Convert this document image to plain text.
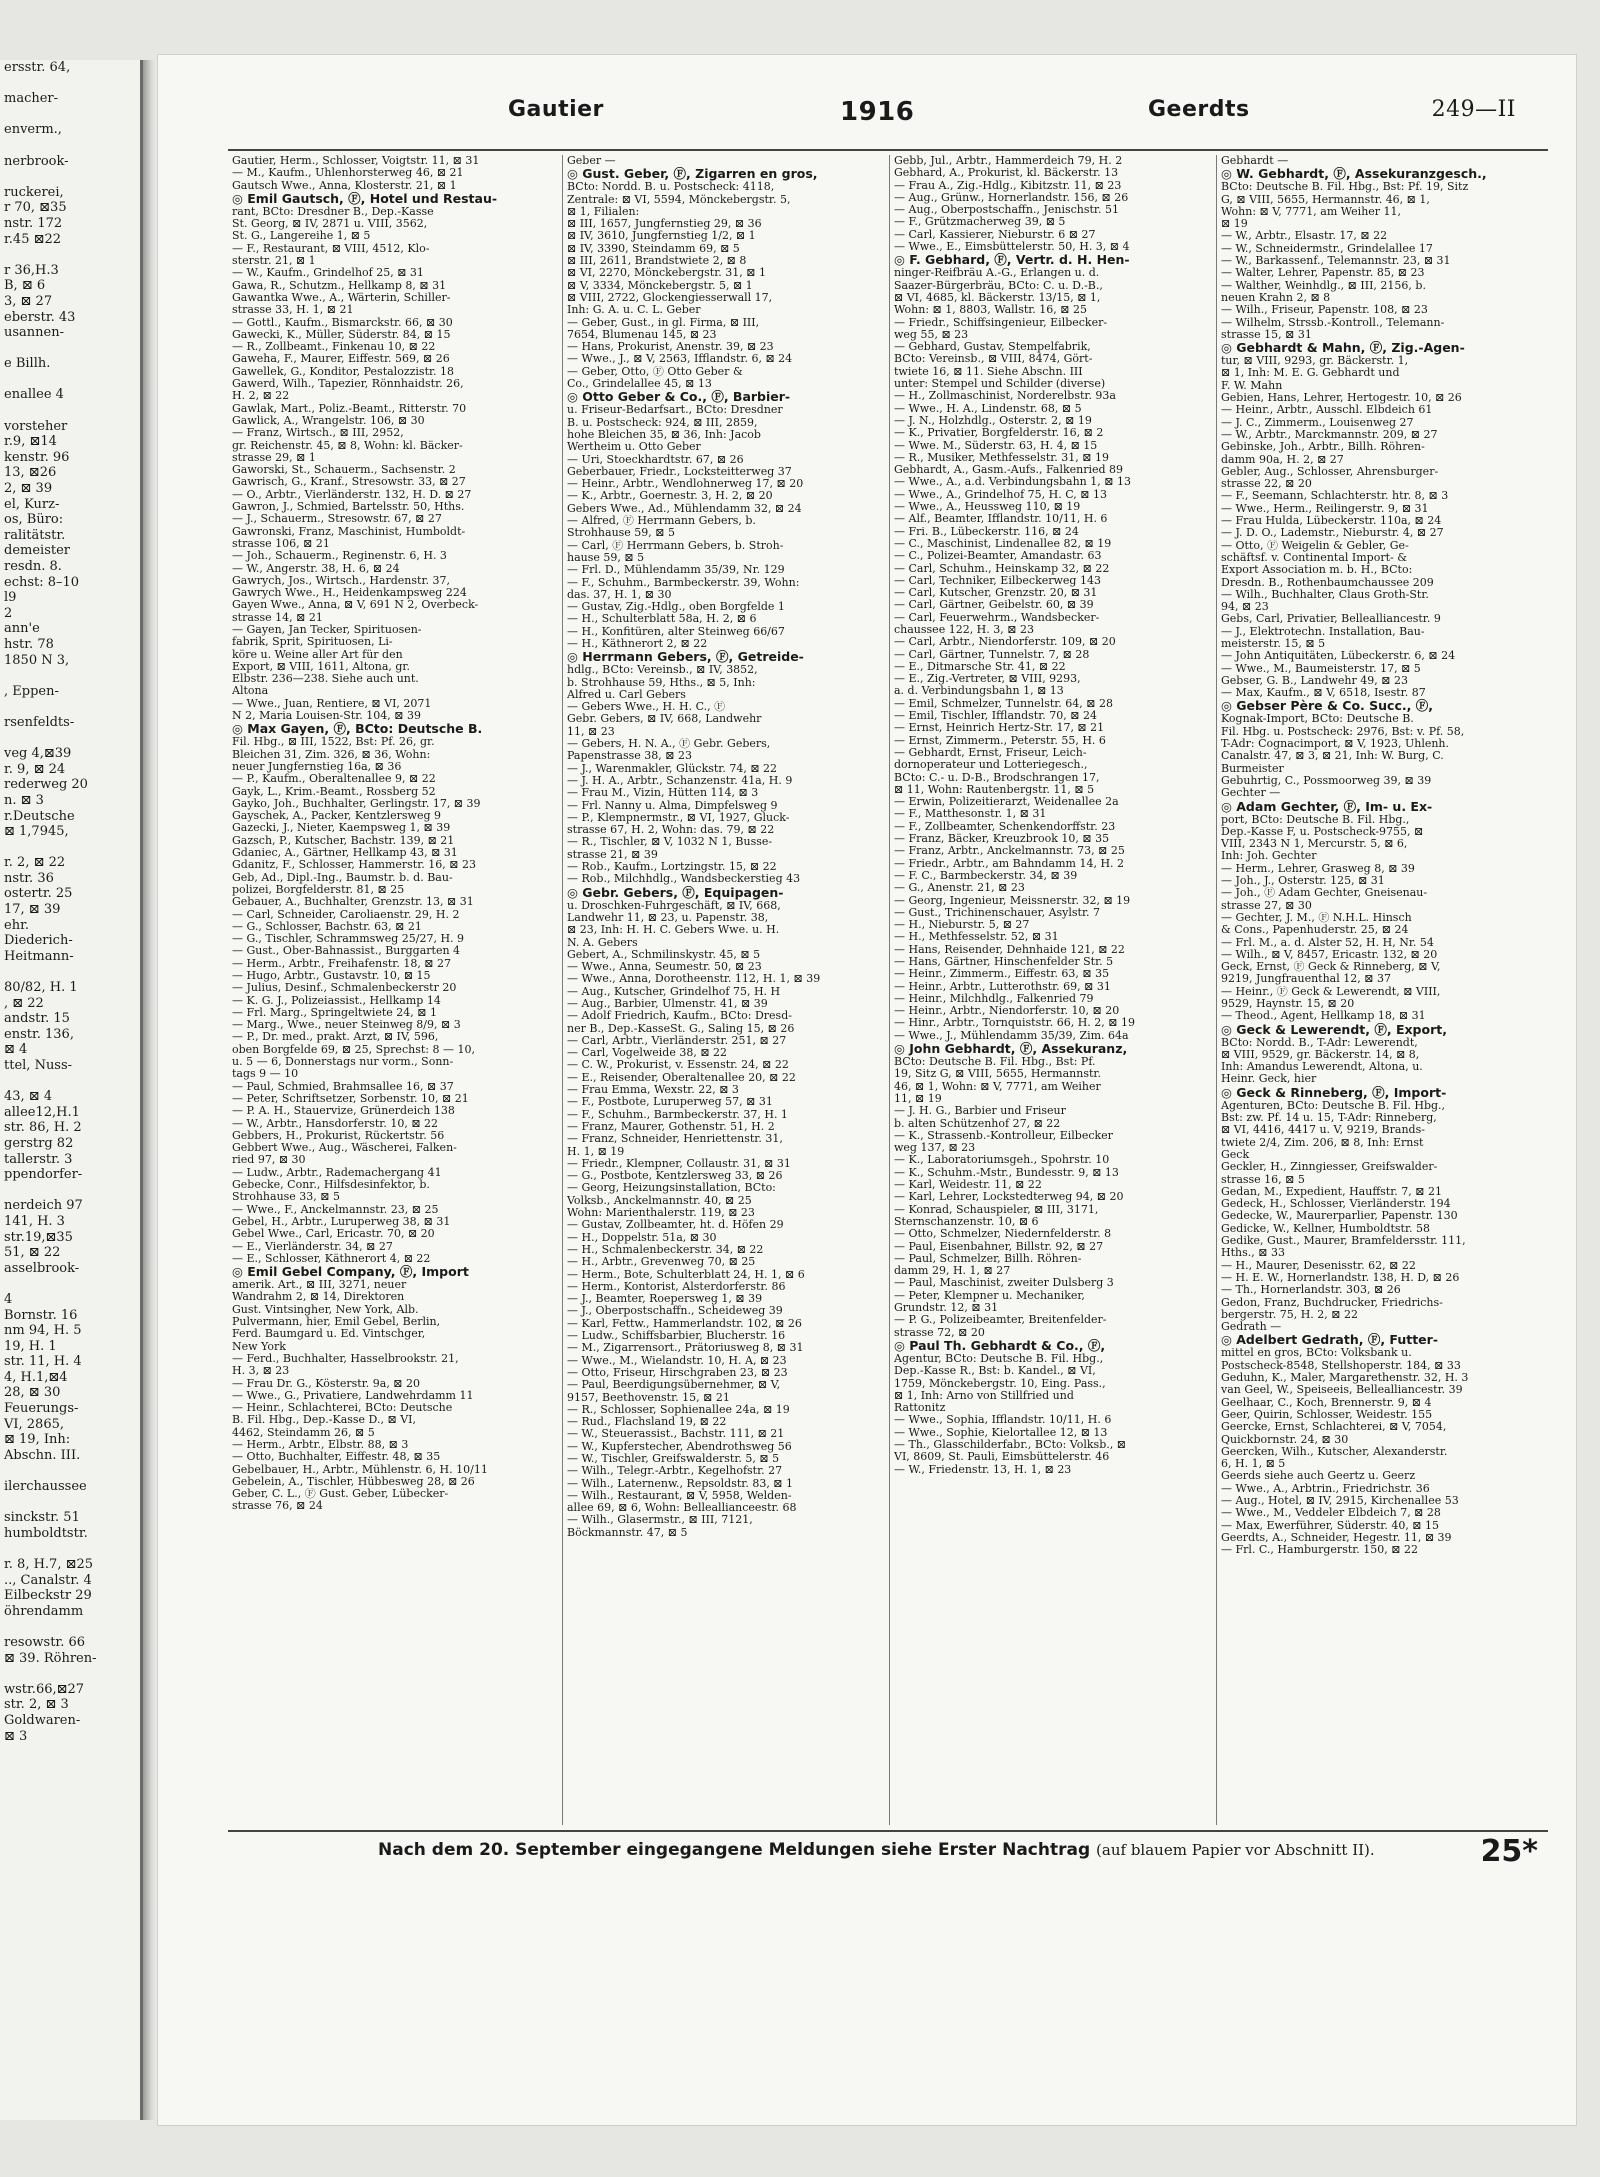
ersstr. 64,

macher-

enverm.,

nerbrook-

ruckerei,
r 70, ⊠35
nstr. 172
r.45 ⊠22

r 36,H.3
B, ⊠ 6
3, ⊠ 27
eberstr. 43
usannen-

e Billh.

enallee 4

vorsteher
r.9, ⊠14
kenstr. 96
13, ⊠26
2, ⊠ 39
el, Kurz-
os, Büro:
ralitätstr.
demeister
resdn. 8.
echst: 8–10
l9
2
ann'e
hstr. 78
1850 N 3,

, Eppen-

rsenfeldts-

veg 4,⊠39
r. 9, ⊠ 24
rederweg 20
n. ⊠ 3
r.Deutsche
⊠ 1,7945,

r. 2, ⊠ 22
nstr. 36
ostertr. 25
17, ⊠ 39
ehr.
Diederich-
Heitmann-

80/82, H. 1
, ⊠ 22
andstr. 15
enstr. 136,
⊠ 4
ttel, Nuss-

43, ⊠ 4
allee12,H.1
str. 86, H. 2
gerstrg 82
tallerstr. 3
ppendorfer-

nerdeich 97
141, H. 3
str.19,⊠35
51, ⊠ 22
asselbrook-

4
Bornstr. 16
nm 94, H. 5
19, H. 1
str. 11, H. 4
4, H.1,⊠4
28, ⊠ 30
Feuerungs-
VI, 2865,
⊠ 19, Inh:
Abschn. III.

ilerchaussee

sinckstr. 51
humboldtstr.

r. 8, H.7, ⊠25
.., Canalstr. 4
Eilbeckstr 29
öhrendamm

resowstr. 66
⊠ 39. Röhren-

wstr.66,⊠27
str. 2, ⊠ 3
Goldwaren-
⊠ 3
Gautier	1916	Geerdts	249—II
Gautier, Herm., Schlosser, Voigtstr. 11, ⊠ 31
— M., Kaufm., Uhlenhorsterweg 46, ⊠ 21
Gautsch Wwe., Anna, Klosterstr. 21, ⊠ 1
◎ Emil Gautsch, Ⓕ, Hotel und Restau-
rant, BCto: Dresdner B., Dep.-Kasse
St. Georg, ⊠ IV, 2871 u. VIII, 3562,
St. G., Langereihe 1, ⊠ 5
— F., Restaurant, ⊠ VIII, 4512, Klo-
sterstr. 21, ⊠ 1
— W., Kaufm., Grindelhof 25, ⊠ 31
Gawa, R., Schutzm., Hellkamp 8, ⊠ 31
Gawantka Wwe., A., Wärterin, Schiller-
strasse 33, H. 1, ⊠ 21
— Gottl., Kaufm., Bismarckstr. 66, ⊠ 30
Gawecki, K., Müller, Süderstr. 84, ⊠ 15
— R., Zollbeamt., Finkenau 10, ⊠ 22
Gaweha, F., Maurer, Eiffestr. 569, ⊠ 26
Gawellek, G., Konditor, Pestalozzistr. 18
Gawerd, Wilh., Tapezier, Rönnhaidstr. 26,
H. 2, ⊠ 22
Gawlak, Mart., Poliz.-Beamt., Ritterstr. 70
Gawlick, A., Wrangelstr. 106, ⊠ 30
— Franz, Wirtsch., ⊠ III, 2952,
gr. Reichenstr. 45, ⊠ 8, Wohn: kl. Bäcker-
strasse 29, ⊠ 1
Gaworski, St., Schauerm., Sachsenstr. 2
Gawrisch, G., Kranf., Stresowstr. 33, ⊠ 27
— O., Arbtr., Vierländerstr. 132, H. D. ⊠ 27
Gawron, J., Schmied, Bartelsstr. 50, Hths.
— J., Schauerm., Stresowstr. 67, ⊠ 27
Gawronski, Franz, Maschinist, Humboldt-
strasse 106, ⊠ 21
— Joh., Schauerm., Reginenstr. 6, H. 3
— W., Angerstr. 38, H. 6, ⊠ 24
Gawrych, Jos., Wirtsch., Hardenstr. 37,
Gawrych Wwe., H., Heidenkampsweg 224
Gayen Wwe., Anna, ⊠ V, 691 N 2, Overbeck-
strasse 14, ⊠ 21
— Gayen, Jan Tecker, Spirituosen-
fabrik, Sprit, Spirituosen, Li-
köre u. Weine aller Art für den
Export, ⊠ VIII, 1611, Altona, gr.
Elbstr. 236—238. Siehe auch unt.
Altona
— Wwe., Juan, Rentiere, ⊠ VI, 2071
N 2, Maria Louisen-Str. 104, ⊠ 39
◎ Max Gayen, Ⓕ, BCto: Deutsche B.
Fil. Hbg., ⊠ III, 1522, Bst: Pf. 26, gr.
Bleichen 31, Zim. 326, ⊠ 36, Wohn:
neuer Jungfernstieg 16a, ⊠ 36
— P., Kaufm., Oberaltenallee 9, ⊠ 22
Gayk, L., Krim.-Beamt., Rossberg 52
Gayko, Joh., Buchhalter, Gerlingstr. 17, ⊠ 39
Gayschek, A., Packer, Kentzlersweg 9
Gazecki, J., Nieter, Kaempsweg 1, ⊠ 39
Gazsch, P., Kutscher, Bachstr. 139, ⊠ 21
Gdaniec, A., Gärtner, Hellkamp 43, ⊠ 31
Gdanitz, F., Schlosser, Hammerstr. 16, ⊠ 23
Geb, Ad., Dipl.-Ing., Baumstr. b. d. Bau-
polizei, Borgfelderstr. 81, ⊠ 25
Gebauer, A., Buchhalter, Grenzstr. 13, ⊠ 31
— Carl, Schneider, Caroliaenstr. 29, H. 2
— G., Schlosser, Bachstr. 63, ⊠ 21
— G., Tischler, Schrammsweg 25/27, H. 9
— Gust., Ober-Bahnassist., Burggarten 4
— Herm., Arbtr., Freihafenstr. 18, ⊠ 27
— Hugo, Arbtr., Gustavstr. 10, ⊠ 15
— Julius, Desinf., Schmalenbeckerstr 20
— K. G. J., Polizeiassist., Hellkamp 14
— Frl. Marg., Springeltwiete 24, ⊠ 1
— Marg., Wwe., neuer Steinweg 8/9, ⊠ 3
— P., Dr. med., prakt. Arzt, ⊠ IV, 596,
oben Borgfelde 69, ⊠ 25, Sprechst: 8 — 10,
u. 5 — 6, Donnerstags nur vorm., Sonn-
tags 9 — 10
— Paul, Schmied, Brahmsallee 16, ⊠ 37
— Peter, Schriftsetzer, Sorbenstr. 10, ⊠ 21
— P. A. H., Stauervize, Grünerdeich 138
— W., Arbtr., Hansdorferstr. 10, ⊠ 22
Gebbers, H., Prokurist, Rückertstr. 56
Gebbert Wwe., Aug., Wäscherei, Falken-
ried 97, ⊠ 30
— Ludw., Arbtr., Rademachergang 41
Gebecke, Conr., Hilfsdesinfektor, b.
Strohhause 33, ⊠ 5
— Wwe., F., Anckelmannstr. 23, ⊠ 25
Gebel, H., Arbtr., Luruperweg 38, ⊠ 31
Gebel Wwe., Carl, Ericastr. 70, ⊠ 20
— E., Vierländerstr. 34, ⊠ 27
— E., Schlosser, Käthnerort 4, ⊠ 22
◎ Emil Gebel Company, Ⓕ, Import
amerik. Art., ⊠ III, 3271, neuer
Wandrahm 2, ⊠ 14, Direktoren
Gust. Vintsingher, New York, Alb.
Pulvermann, hier, Emil Gebel, Berlin,
Ferd. Baumgard u. Ed. Vintschger,
New York
— Ferd., Buchhalter, Hasselbrookstr. 21,
H. 3, ⊠ 23
— Frau Dr. G., Kösterstr. 9a, ⊠ 20
— Wwe., G., Privatiere, Landwehrdamm 11
— Heinr., Schlachterei, BCto: Deutsche
B. Fil. Hbg., Dep.-Kasse D., ⊠ VI,
4462, Steindamm 26, ⊠ 5
— Herm., Arbtr., Elbstr. 88, ⊠ 3
— Otto, Buchhalter, Eiffestr. 48, ⊠ 35
Gebelbauer, H., Arbtr., Mühlenstr. 6, H. 10/11
Gebelein, A., Tischler, Hübbesweg 28, ⊠ 26
Geber, C. L., Ⓕ Gust. Geber, Lübecker-
strasse 76, ⊠ 24
Geber —
◎ Gust. Geber, Ⓕ, Zigarren en gros,
BCto: Nordd. B. u. Postscheck: 4118,
Zentrale: ⊠ VI, 5594, Mönckebergstr. 5,
⊠ 1, Filialen:
⊠ III, 1657, Jungfernstieg 29, ⊠ 36
⊠ IV, 3610, Jungfernstieg 1/2, ⊠ 1
⊠ IV, 3390, Steindamm 69, ⊠ 5
⊠ III, 2611, Brandstwiete 2, ⊠ 8
⊠ VI, 2270, Mönckebergstr. 31, ⊠ 1
⊠ V, 3334, Mönckebergstr. 5, ⊠ 1
⊠ VIII, 2722, Glockengiesserwall 17,
Inh: G. A. u. C. L. Geber
— Geber, Gust., in gl. Firma, ⊠ III,
7654, Blumenau 145, ⊠ 23
— Hans, Prokurist, Anenstr. 39, ⊠ 23
— Wwe., J., ⊠ V, 2563, Ifflandstr. 6, ⊠ 24
— Geber, Otto, Ⓕ Otto Geber &
Co., Grindelallee 45, ⊠ 13
◎ Otto Geber & Co., Ⓕ, Barbier-
u. Friseur-Bedarfsart., BCto: Dresdner
B. u. Postscheck: 924, ⊠ III, 2859,
hohe Bleichen 35, ⊠ 36, Inh: Jacob
Wertheim u. Otto Geber
— Uri, Stoeckhardtstr. 67, ⊠ 26
Geberbauer, Friedr., Locksteitterweg 37
— Heinr., Arbtr., Wendlohnerweg 17, ⊠ 20
— K., Arbtr., Goernestr. 3, H. 2, ⊠ 20
Gebers Wwe., Ad., Mühlendamm 32, ⊠ 24
— Alfred, Ⓕ Herrmann Gebers, b.
Strohhause 59, ⊠ 5
— Carl, Ⓕ Herrmann Gebers, b. Stroh-
hause 59, ⊠ 5
— Frl. D., Mühlendamm 35/39, Nr. 129
— F., Schuhm., Barmbeckerstr. 39, Wohn:
das. 37, H. 1, ⊠ 30
— Gustav, Zig.-Hdlg., oben Borgfelde 1
— H., Schulterblatt 58a, H. 2, ⊠ 6
— H., Konfitüren, alter Steinweg 66/67
— H., Käthnerort 2, ⊠ 22
◎ Herrmann Gebers, Ⓕ, Getreide-
hdlg., BCto: Vereinsb., ⊠ IV, 3852,
b. Strohhause 59, Hths., ⊠ 5, Inh:
Alfred u. Carl Gebers
— Gebers Wwe., H. H. C., Ⓕ
Gebr. Gebers, ⊠ IV, 668, Landwehr
11, ⊠ 23
— Gebers, H. N. A., Ⓕ Gebr. Gebers,
Papenstrasse 38, ⊠ 23
— J., Warenmakler, Glückstr. 74, ⊠ 22
— J. H. A., Arbtr., Schanzenstr. 41a, H. 9
— Frau M., Vizin, Hütten 114, ⊠ 3
— Frl. Nanny u. Alma, Dimpfelsweg 9
— P., Klempnermstr., ⊠ VI, 1927, Gluck-
strasse 67, H. 2, Wohn: das. 79, ⊠ 22
— R., Tischler, ⊠ V, 1032 N 1, Busse-
strasse 21, ⊠ 39
— Rob., Kaufm., Lortzingstr. 15, ⊠ 22
— Rob., Milchhdlg., Wandsbeckerstieg 43
◎ Gebr. Gebers, Ⓕ, Equipagen-
u. Droschken-Fuhrgeschäft, ⊠ IV, 668,
Landwehr 11, ⊠ 23, u. Papenstr. 38,
⊠ 23, Inh: H. H. C. Gebers Wwe. u. H.
N. A. Gebers
Gebert, A., Schmilinskystr. 45, ⊠ 5
— Wwe., Anna, Seumestr. 50, ⊠ 23
— Wwe., Anna, Dorotheenstr. 112, H. 1, ⊠ 39
— Aug., Kutscher, Grindelhof 75, H. H
— Aug., Barbier, Ulmenstr. 41, ⊠ 39
— Adolf Friedrich, Kaufm., BCto: Dresd-
ner B., Dep.-KasseSt. G., Saling 15, ⊠ 26
— Carl, Arbtr., Vierländerstr. 251, ⊠ 27
— Carl, Vogelweide 38, ⊠ 22
— C. W., Prokurist, v. Essenstr. 24, ⊠ 22
— E., Reisender, Oberaltenallee 20, ⊠ 22
— Frau Emma, Wexstr. 22, ⊠ 3
— F., Postbote, Luruperweg 57, ⊠ 31
— F., Schuhm., Barmbeckerstr. 37, H. 1
— Franz, Maurer, Gothenstr. 51, H. 2
— Franz, Schneider, Henriettenstr. 31,
H. 1, ⊠ 19
— Friedr., Klempner, Collaustr. 31, ⊠ 31
— G., Postbote, Kentzlersweg 33, ⊠ 26
— Georg, Heizungsinstallation, BCto:
Volksb., Anckelmannstr. 40, ⊠ 25
Wohn: Marienthalerstr. 119, ⊠ 23
— Gustav, Zollbeamter, ht. d. Höfen 29
— H., Doppelstr. 51a, ⊠ 30
— H., Schmalenbeckerstr. 34, ⊠ 22
— H., Arbtr., Grevenweg 70, ⊠ 25
— Herm., Bote, Schulterblatt 24, H. 1, ⊠ 6
— Herm., Kontorist, Alsterdorferstr. 86
— J., Beamter, Roepersweg 1, ⊠ 39
— J., Oberpostschaffn., Scheideweg 39
— Karl, Fettw., Hammerlandstr. 102, ⊠ 26
— Ludw., Schiffsbarbier, Blucherstr. 16
— M., Zigarrensort., Prätoriusweg 8, ⊠ 31
— Wwe., M., Wielandstr. 10, H. A, ⊠ 23
— Otto, Friseur, Hirschgraben 23, ⊠ 23
— Paul, Beerdigungsübernehmer, ⊠ V,
9157, Beethovenstr. 15, ⊠ 21
— R., Schlosser, Sophienallee 24a, ⊠ 19
— Rud., Flachsland 19, ⊠ 22
— W., Steuerassist., Bachstr. 111, ⊠ 21
— W., Kupferstecher, Abendrothsweg 56
— W., Tischler, Greifswalderstr. 5, ⊠ 5
— Wilh., Telegr.-Arbtr., Kegelhofstr. 27
— Wilh., Laternenw., Repsoldstr. 83, ⊠ 1
— Wilh., Restaurant, ⊠ V, 5958, Welden-
allee 69, ⊠ 6, Wohn: Belleallianceestr. 68
— Wilh., Glasermstr., ⊠ III, 7121,
Böckmannstr. 47, ⊠ 5
Gebb, Jul., Arbtr., Hammerdeich 79, H. 2
Gebhard, A., Prokurist, kl. Bäckerstr. 13
— Frau A., Zig.-Hdlg., Kibitzstr. 11, ⊠ 23
— Aug., Grünw., Hornerlandstr. 156, ⊠ 26
— Aug., Oberpostschaffn., Jenischstr. 51
— F., Grützmacherweg 39, ⊠ 5
— Carl, Kassierer, Nieburstr. 6 ⊠ 27
— Wwe., E., Eimsbüttelerstr. 50, H. 3, ⊠ 4
◎ F. Gebhard, Ⓕ, Vertr. d. H. Hen-
ninger-Reifbräu A.-G., Erlangen u. d.
Saazer-Bürgerbräu, BCto: C. u. D.-B.,
⊠ VI, 4685, kl. Bäckerstr. 13/15, ⊠ 1,
Wohn: ⊠ 1, 8803, Wallstr. 16, ⊠ 25
— Friedr., Schiffsingenieur, Eilbecker-
weg 55, ⊠ 23
— Gebhard, Gustav, Stempelfabrik,
BCto: Vereinsb., ⊠ VIII, 8474, Gört-
twiete 16, ⊠ 11. Siehe Abschn. III
unter: Stempel und Schilder (diverse)
— H., Zollmaschinist, Norderelbstr. 93a
— Wwe., H. A., Lindenstr. 68, ⊠ 5
— J. N., Holzhdlg., Osterstr. 2, ⊠ 19
— K., Privatier, Borgfelderstr. 16, ⊠ 2
— Wwe. M., Süderstr. 63, H. 4, ⊠ 15
— R., Musiker, Methfesselstr. 31, ⊠ 19
Gebhardt, A., Gasm.-Aufs., Falkenried 89
— Wwe., A., a.d. Verbindungsbahn 1, ⊠ 13
— Wwe., A., Grindelhof 75, H. C, ⊠ 13
— Wwe., A., Heussweg 110, ⊠ 19
— Alf., Beamter, Ifflandstr. 10/11, H. 6
— Fri. B., Lübeckerstr. 116, ⊠ 24
— C., Maschinist, Lindenallee 82, ⊠ 19
— C., Polizei-Beamter, Amandastr. 63
— Carl, Schuhm., Heinskamp 32, ⊠ 22
— Carl, Techniker, Eilbeckerweg 143
— Carl, Kutscher, Grenzstr. 20, ⊠ 31
— Carl, Gärtner, Geibelstr. 60, ⊠ 39
— Carl, Feuerwehrm., Wandsbecker-
chaussee 122, H. 3, ⊠ 23
— Carl, Arbtr., Niendorferstr. 109, ⊠ 20
— Carl, Gärtner, Tunnelstr. 7, ⊠ 28
— E., Ditmarsche Str. 41, ⊠ 22
— E., Zig.-Vertreter, ⊠ VIII, 9293,
a. d. Verbindungsbahn 1, ⊠ 13
— Emil, Schmelzer, Tunnelstr. 64, ⊠ 28
— Emil, Tischler, Ifflandstr. 70, ⊠ 24
— Ernst, Heinrich Hertz-Str. 17, ⊠ 21
— Ernst, Zimmerm., Peterstr. 55, H. 6
— Gebhardt, Ernst, Friseur, Leich-
dornoperateur und Lotteriegesch.,
BCto: C.- u. D-B., Brodschrangen 17,
⊠ 11, Wohn: Rautenbergstr. 11, ⊠ 5
— Erwin, Polizeitierarzt, Weidenallee 2a
— F., Matthesonstr. 1, ⊠ 31
— F., Zollbeamter, Schenkendorffstr. 23
— Franz, Bäcker, Kreuzbrook 10, ⊠ 35
— Franz, Arbtr., Anckelmannstr. 73, ⊠ 25
— Friedr., Arbtr., am Bahndamm 14, H. 2
— F. C., Barmbeckerstr. 34, ⊠ 39
— G., Anenstr. 21, ⊠ 23
— Georg, Ingenieur, Meissnerstr. 32, ⊠ 19
— Gust., Trichinenschauer, Asylstr. 7
— H., Nieburstr. 5, ⊠ 27
— H., Methfesselstr. 52, ⊠ 31
— Hans, Reisender, Dehnhaide 121, ⊠ 22
— Hans, Gärtner, Hinschenfelder Str. 5
— Heinr., Zimmerm., Eiffestr. 63, ⊠ 35
— Heinr., Arbtr., Lutterothstr. 69, ⊠ 31
— Heinr., Milchhdlg., Falkenried 79
— Heinr., Arbtr., Niendorferstr. 10, ⊠ 20
— Hinr., Arbtr., Tornquiststr. 66, H. 2, ⊠ 19
— Wwe., J., Mühlendamm 35/39, Zim. 64a
◎ John Gebhardt, Ⓕ, Assekuranz,
BCto: Deutsche B. Fil. Hbg., Bst: Pf.
19, Sitz G, ⊠ VIII, 5655, Hermannstr.
46, ⊠ 1, Wohn: ⊠ V, 7771, am Weiher
11, ⊠ 19
— J. H. G., Barbier und Friseur
b. alten Schützenhof 27, ⊠ 22
— K., Strassenb.-Kontrolleur, Eilbecker
weg 137, ⊠ 23
— K., Laboratoriumsgeh., Spohrstr. 10
— K., Schuhm.-Mstr., Bundesstr. 9, ⊠ 13
— Karl, Weidestr. 11, ⊠ 22
— Karl, Lehrer, Lockstedterweg 94, ⊠ 20
— Konrad, Schauspieler, ⊠ III, 3171,
Sternschanzenstr. 10, ⊠ 6
— Otto, Schmelzer, Niedernfelderstr. 8
— Paul, Eisenbahner, Billstr. 92, ⊠ 27
— Paul, Schmelzer, Billh. Röhren-
damm 29, H. 1, ⊠ 27
— Paul, Maschinist, zweiter Dulsberg 3
— Peter, Klempner u. Mechaniker,
Grundstr. 12, ⊠ 31
— P. G., Polizeibeamter, Breitenfelder-
strasse 72, ⊠ 20
◎ Paul Th. Gebhardt & Co., Ⓕ,
Agentur, BCto: Deutsche B. Fil. Hbg.,
Dep.-Kasse R., Bst: b. Kandel., ⊠ VI,
1759, Mönckebergstr. 10, Eing. Pass.,
⊠ 1, Inh: Arno von Stillfried und
Rattonitz
— Wwe., Sophia, Ifflandstr. 10/11, H. 6
— Wwe., Sophie, Kielortallee 12, ⊠ 13
— Th., Glasschilderfabr., BCto: Volksb., ⊠
VI, 8609, St. Pauli, Eimsbüttelerstr. 46
— W., Friedenstr. 13, H. 1, ⊠ 23
Gebhardt —
◎ W. Gebhardt, Ⓕ, Assekuranzgesch.,
BCto: Deutsche B. Fil. Hbg., Bst: Pf. 19, Sitz
G, ⊠ VIII, 5655, Hermannstr. 46, ⊠ 1,
Wohn: ⊠ V, 7771, am Weiher 11,
⊠ 19
— W., Arbtr., Elsastr. 17, ⊠ 22
— W., Schneidermstr., Grindelallee 17
— W., Barkassenf., Telemannstr. 23, ⊠ 31
— Walter, Lehrer, Papenstr. 85, ⊠ 23
— Walther, Weinhdlg., ⊠ III, 2156, b.
neuen Krahn 2, ⊠ 8
— Wilh., Friseur, Papenstr. 108, ⊠ 23
— Wilhelm, Strssb.-Kontroll., Telemann-
strasse 15, ⊠ 31
◎ Gebhardt & Mahn, Ⓕ, Zig.-Agen-
tur, ⊠ VIII, 9293, gr. Bäckerstr. 1,
⊠ 1, Inh: M. E. G. Gebhardt und
F. W. Mahn
Gebien, Hans, Lehrer, Hertogestr. 10, ⊠ 26
— Heinr., Arbtr., Ausschl. Elbdeich 61
— J. C., Zimmerm., Louisenweg 27
— W., Arbtr., Marckmannstr. 209, ⊠ 27
Gebinske, Joh., Arbtr., Billh. Röhren-
damm 90a, H. 2, ⊠ 27
Gebler, Aug., Schlosser, Ahrensburger-
strasse 22, ⊠ 20
— F., Seemann, Schlachterstr. htr. 8, ⊠ 3
— Wwe., Herm., Reilingerstr. 9, ⊠ 31
— Frau Hulda, Lübeckerstr. 110a, ⊠ 24
— J. D. O., Lademstr., Nieburstr. 4, ⊠ 27
— Otto, Ⓕ Weigelin & Gebler, Ge-
schäftsf. v. Continental Import- &
Export Association m. b. H., BCto:
Dresdn. B., Rothenbaumchaussee 209
— Wilh., Buchhalter, Claus Groth-Str.
94, ⊠ 23
Gebs, Carl, Privatier, Bellealliancestr. 9
— J., Elektrotechn. Installation, Bau-
meisterstr. 15, ⊠ 5
— John Antiquitäten, Lübeckerstr. 6, ⊠ 24
— Wwe., M., Baumeisterstr. 17, ⊠ 5
Gebser, G. B., Landwehr 49, ⊠ 23
— Max, Kaufm., ⊠ V, 6518, Isestr. 87
◎ Gebser Père & Co. Succ., Ⓕ,
Kognak-Import, BCto: Deutsche B.
Fil. Hbg. u. Postscheck: 2976, Bst: v. Pf. 58,
T-Adr: Cognacimport, ⊠ V, 1923, Uhlenh.
Canalstr. 47, ⊠ 3, ⊠ 21, Inh: W. Burg, C.
Burmeister
Gebuhrtig, C., Possmoorweg 39, ⊠ 39
Gechter —
◎ Adam Gechter, Ⓕ, Im- u. Ex-
port, BCto: Deutsche B. Fil. Hbg.,
Dep.-Kasse F, u. Postscheck-9755, ⊠
VIII, 2343 N 1, Mercurstr. 5, ⊠ 6,
Inh: Joh. Gechter
— Herm., Lehrer, Grasweg 8, ⊠ 39
— Joh., J., Osterstr. 125, ⊠ 31
— Joh., Ⓕ Adam Gechter, Gneisenau-
strasse 27, ⊠ 30
— Gechter, J. M., Ⓕ N.H.L. Hinsch
& Cons., Papenhuderstr. 25, ⊠ 24
— Frl. M., a. d. Alster 52, H. H, Nr. 54
— Wilh., ⊠ V, 8457, Ericastr. 132, ⊠ 20
Geck, Ernst, Ⓕ Geck & Rinneberg, ⊠ V,
9219, Jungfrauenthal 12, ⊠ 37
— Heinr., Ⓕ Geck & Lewerendt, ⊠ VIII,
9529, Haynstr. 15, ⊠ 20
— Theod., Agent, Hellkamp 18, ⊠ 31
◎ Geck & Lewerendt, Ⓕ, Export,
BCto: Nordd. B., T-Adr: Lewerendt,
⊠ VIII, 9529, gr. Bäckerstr. 14, ⊠ 8,
Inh: Amandus Lewerendt, Altona, u.
Heinr. Geck, hier
◎ Geck & Rinneberg, Ⓕ, Import-
Agenturen, BCto: Deutsche B. Fil. Hbg.,
Bst: zw. Pf. 14 u. 15, T-Adr: Rinneberg,
⊠ VI, 4416, 4417 u. V, 9219, Brands-
twiete 2/4, Zim. 206, ⊠ 8, Inh: Ernst
Geck
Geckler, H., Zinngiesser, Greifswalder-
strasse 16, ⊠ 5
Gedan, M., Expedient, Hauffstr. 7, ⊠ 21
Gedeck, H., Schlosser, Vierländerstr. 194
Gedecke, W., Maurerparlier, Papenstr. 130
Gedicke, W., Kellner, Humboldtstr. 58
Gedike, Gust., Maurer, Bramfeldersstr. 111,
Hths., ⊠ 33
— H., Maurer, Desenisstr. 62, ⊠ 22
— H. E. W., Hornerlandstr. 138, H. D, ⊠ 26
— Th., Hornerlandstr. 303, ⊠ 26
Gedon, Franz, Buchdrucker, Friedrichs-
bergerstr. 75, H. 2, ⊠ 22
Gedrath —
◎ Adelbert Gedrath, Ⓕ, Futter-
mittel en gros, BCto: Volksbank u.
Postscheck-8548, Stellshoperstr. 184, ⊠ 33
Geduhn, K., Maler, Margarethenstr. 32, H. 3
van Geel, W., Speiseeis, Bellealliancestr. 39
Geelhaar, C., Koch, Brennerstr. 9, ⊠ 4
Geer, Quirin, Schlosser, Weidestr. 155
Geercke, Ernst, Schlachterei, ⊠ V, 7054,
Quickbornstr. 24, ⊠ 30
Geercken, Wilh., Kutscher, Alexanderstr.
6, H. 1, ⊠ 5
Geerds siehe auch Geertz u. Geerz
— Wwe., A., Arbtrin., Friedrichstr. 36
— Aug., Hotel, ⊠ IV, 2915, Kirchenallee 53
— Wwe., M., Veddeler Elbdeich 7, ⊠ 28
— Max, Ewerführer, Süderstr. 40, ⊠ 15
Geerdts, A., Schneider, Hegestr. 11, ⊠ 39
— Frl. C., Hamburgerstr. 150, ⊠ 22
Nach dem 20. September eingegangene Meldungen siehe Erster Nachtrag (auf blauem Papier vor Abschnitt II).	25*
